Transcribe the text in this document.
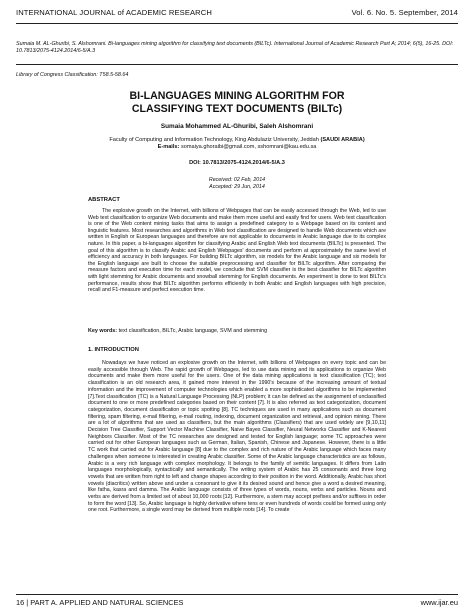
INTERNATIONAL JOURNAL of ACADEMIC RESEARCH	Vol. 6. No. 5. September, 2014
Sumaia M. AL-Ghuribi, S. Alshomrani. Bi-languages mining algorithm for classifying text documents (BILTc). International Journal of Academic Research Part A; 2014; 6(5), 16-25. DOI: 10.7813/2075-4124.2014/6-5/A.3
Library of Congress Classification: T58.5-58.64
BI-LANGUAGES MINING ALGORITHM FOR
CLASSIFYING TEXT DOCUMENTS (BILTc)
Sumaia Mohammed AL-Ghuribi, Saleh Alshomrani
Faculty of Computing and Information Technology, King Abdulaziz University, Jeddah (SAUDI ARABIA)
E-mails: somaiya.ghoraibi@gmail.com, sshomrani@kau.edu.sa
DOI: 10.7813/2075-4124.2014/6-5/A.3
Received: 02 Feb, 2014
Accepted: 29 Jun, 2014
ABSTRACT

The explosive growth on the Internet, with billions of Webpages that can be easily accessed through the Web, led to use Web text classification to organize Web documents and make them more useful and easily find for users. Web text classification is one of the Web content mining tasks that aims to assign a predefined category to a Webpage based on its content and linguistic features. Most researches and algorithms in Web text classification are designed to handle Web documents which are written in English or European languages and therefore are not applicable to documents in Arabic language due to its complex nature. In this paper, a bi-languages algorithm for classifying Arabic and English Web text documents (BILTc) is presented. The goal of this algorithm is to classify Arabic and English Webpages' documents and perform at approximately the same level of efficiency and accuracy in both languages. For building BILTc algorithm, six models for the Arabic language and six models for the English language are built to choose the suitable preprocessing and classifier for BILTc algorithm. After comparing the measure factors and execution time for each model, we conclude that SVM classifier is the best classifier for BILTc algorithm with light stemming for Arabic documents and snowball stemming for English documents. An experiment is done to test BILTc's performance, results show that BILTc algorithm performs efficiently in both Arabic and English languages with high precision, recall and F1-measure and perfect execution time.

Key words: text classification, BILTc, Arabic language, SVM and stemming
1. INTRODUCTION

Nowadays we have noticed an explosive growth on the Internet, with billions of Webpages on every topic and can be easily accessible through Web. The rapid growth of Webpages, led to use data mining and its applications to organize Web documents and make them more useful for the users. One of the data mining applications is text classification (TC); text classification is an old research area, it gained more interest in the 1990's because of the increasing amount of textual information and the improvement of computer technologies which enabled a more sophisticated algorithms to be implemented [7].Text classification (TC) is a Natural Language Processing (NLP) problem; it can be defined as the assignment of unclassified document to one or more predefined categories based on their content [7]. It is also referred as text categorization, document categorization, document classification or topic spotting [8]. TC techniques are used in many applications such as document filtering, spam filtering, e-mail filtering, e-mail routing, indexing, document organization and retrieval, and opinion mining. There are a lot of algorithms that are used as classifiers, but the main algorithms (Classifiers) that are used widely are [9,10,11] Decision Tree Classifier, Support Vector Machine Classifier, Naive Bayes Classifier, Neural Networks Classifier and K-Nearest Neighbors Classifier. Most of the TC researches are designed and tested for English language; some TC approaches were carried out for other European languages such as German, Italian, Spanish, Chinese and Japanese. However, there is a little TC work that carried out for Arabic language [8] due to the complex and rich nature of the Arabic language which faces many challenges when someone is interested in creating Arabic classifier. Some of the Arabic language characteristics are as follows, Arabic is a very rich language with complex morphology. It belongs to the family of semitic languages. It differs from Latin languages morphologically, syntactically and semantically. The writing system of Arabic has 25 consonants and three long vowels that are written from right to left and change shapes according to their position in the word. Additionally, Arabic has short vowels (diacritics) written above and under a consonant to give it its desired sound and hence give a word a desired meaning, like fatha, kasra and damma. The Arabic language consists of three types of words, nouns, verbs and particles. Nouns and verbs are derived from a limited set of about 10,000 roots [12]. Furthermore, a stem may accept prefixes and/or suffixes in order to form the word [13]. So, Arabic language is highly derivative where tens or even hundreds of words could be formed using only one root. Furthermore, a single word may be derived from multiple roots [14]. To create

16 | PART A. APPLIED AND NATURAL SCIENCES	www.ijar.eu
